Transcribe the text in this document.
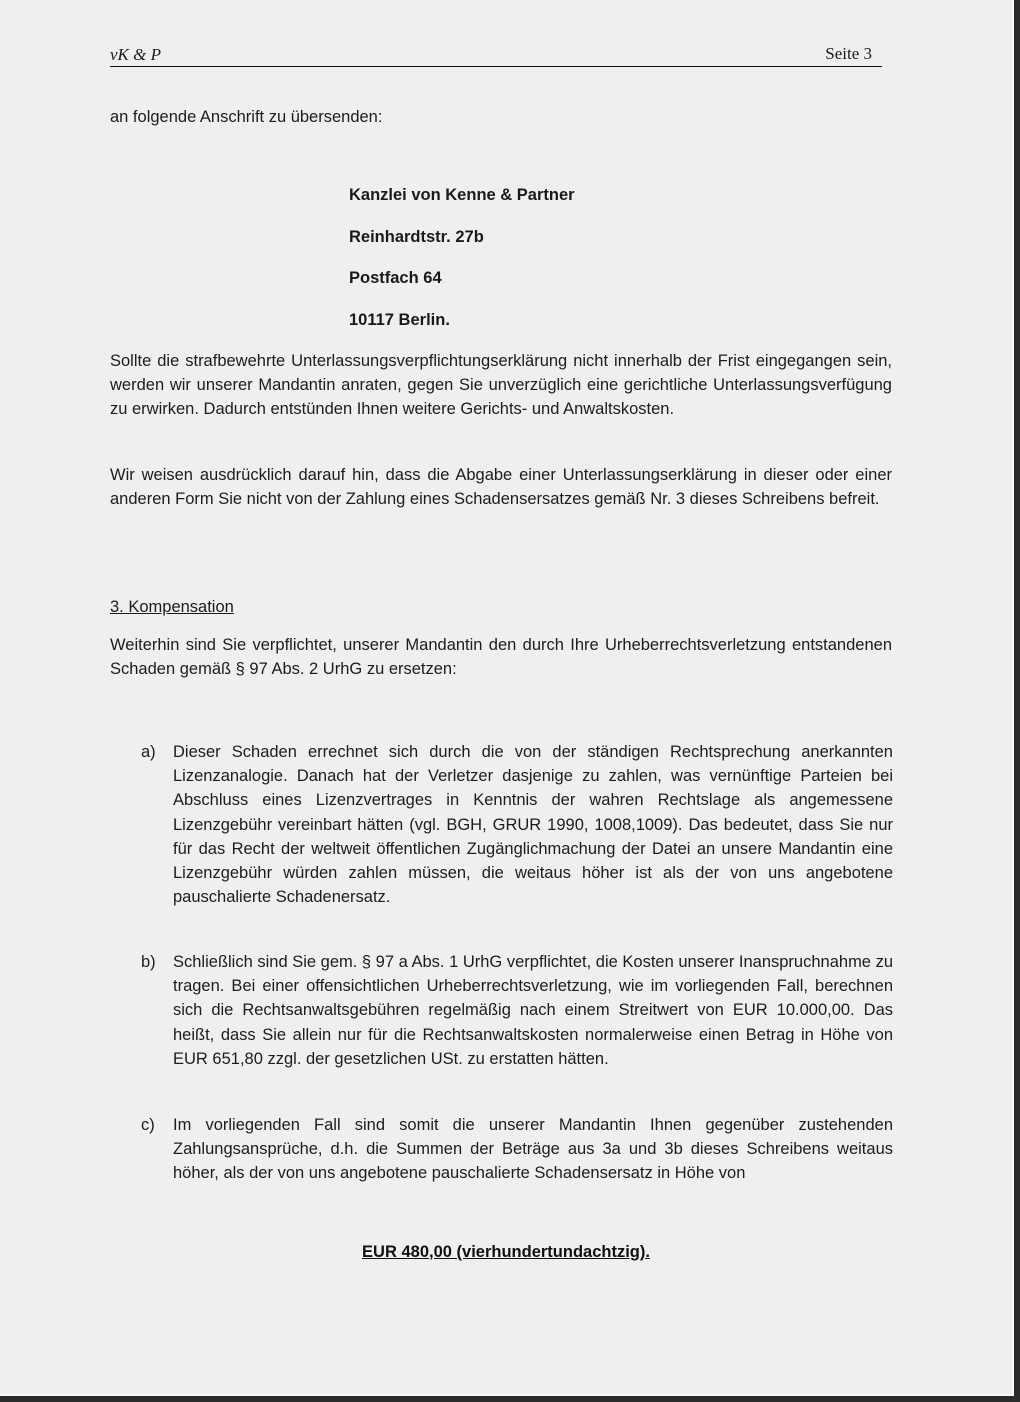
vK & P	Seite 3
an folgende Anschrift zu übersenden:
Kanzlei von Kenne & Partner
Reinhardtstr. 27b
Postfach 64
10117 Berlin.
Sollte die strafbewehrte Unterlassungsverpflichtungserklärung nicht innerhalb der Frist eingegangen sein, werden wir unserer Mandantin anraten, gegen Sie unverzüglich eine gerichtliche Unterlassungsverfügung zu erwirken. Dadurch entstünden Ihnen weitere Gerichts- und Anwaltskosten.
Wir weisen ausdrücklich darauf hin, dass die Abgabe einer Unterlassungserklärung in dieser oder einer anderen Form Sie nicht von der Zahlung eines Schadensersatzes gemäß Nr. 3 dieses Schreibens befreit.
3. Kompensation
Weiterhin sind Sie verpflichtet, unserer Mandantin den durch Ihre Urheberrechtsverletzung entstandenen Schaden gemäß § 97 Abs. 2 UrhG zu ersetzen:
a) Dieser Schaden errechnet sich durch die von der ständigen Rechtsprechung anerkannten Lizenzanalogie. Danach hat der Verletzer dasjenige zu zahlen, was vernünftige Parteien bei Abschluss eines Lizenzvertrages in Kenntnis der wahren Rechtslage als angemessene Lizenzgebühr vereinbart hätten (vgl. BGH, GRUR 1990, 1008,1009). Das bedeutet, dass Sie nur für das Recht der weltweit öffentlichen Zugänglichmachung der Datei an unsere Mandantin eine Lizenzgebühr würden zahlen müssen, die weitaus höher ist als der von uns angebotene pauschalierte Schadenersatz.
b) Schließlich sind Sie gem. § 97 a Abs. 1 UrhG verpflichtet, die Kosten unserer Inanspruchnahme zu tragen. Bei einer offensichtlichen Urheberrechtsverletzung, wie im vorliegenden Fall, berechnen sich die Rechtsanwaltsgebühren regelmäßig nach einem Streitwert von EUR 10.000,00. Das heißt, dass Sie allein nur für die Rechtsanwaltskosten normalerweise einen Betrag in Höhe von EUR 651,80 zzgl. der gesetzlichen USt. zu erstatten hätten.
c) Im vorliegenden Fall sind somit die unserer Mandantin Ihnen gegenüber zustehenden Zahlungsansprüche, d.h. die Summen der Beträge aus 3a und 3b dieses Schreibens weitaus höher, als der von uns angebotene pauschalierte Schadensersatz in Höhe von
EUR 480,00 (vierhundertundachtzig).
